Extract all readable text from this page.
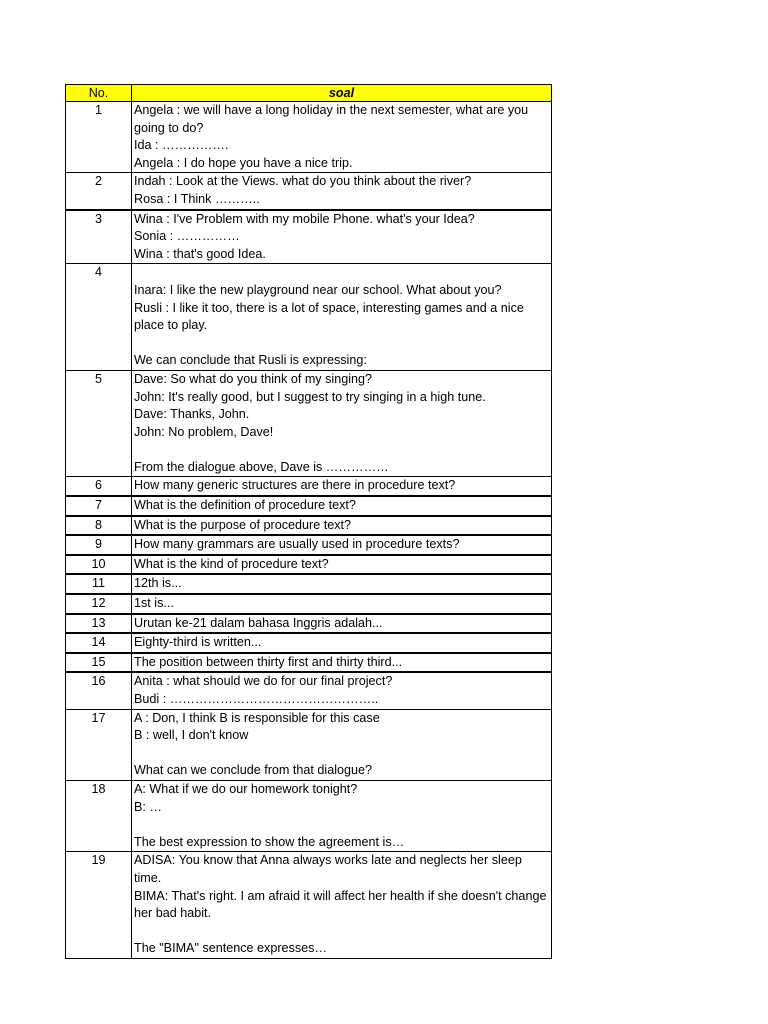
No.	soal
1	Angela : we will have a long holiday in the next semester, what are you going to do?
Ida : …………….
Angela : I do hope you have a nice trip.
2	Indah : Look at the Views. what do you think about the river?
Rosa : I Think ………..
3	Wina : I've Problem with my mobile Phone. what's your Idea?
Sonia : ……………
Wina : that's good Idea.
4	
Inara: I like the new playground near our school. What about you?
Rusli : I like it too, there is a lot of space, interesting games and a nice place to play.

We can conclude that Rusli is expressing:
5	Dave: So what do you think of my singing?
John: It's really good, but I suggest to try singing in a high tune.
Dave: Thanks, John.
John: No problem, Dave!

From the dialogue above, Dave is ……………
6	How many generic structures are there in procedure text?
7	What is the definition of procedure text?
8	What is the purpose of procedure text?
9	How many grammars are usually used in procedure texts?
10	What is the kind of procedure text?
11	12th is...
12	1st is...
13	Urutan ke-21 dalam bahasa Inggris adalah...
14	Eighty-third is written...
15	The position between thirty first and thirty third...
16	Anita : what should we do for our final project?
Budi : …………………………………………..
17	A : Don, I think B is responsible for this case
B : well, I don't know

What can we conclude from that dialogue?
18	A: What if we do our homework tonight?
B: …

The best expression to show the agreement is…
19	ADISA: You know that Anna always works late and neglects her sleep time.
BIMA: That's right. I am afraid it will affect her health if she doesn't change her bad habit.

The "BIMA" sentence expresses…
